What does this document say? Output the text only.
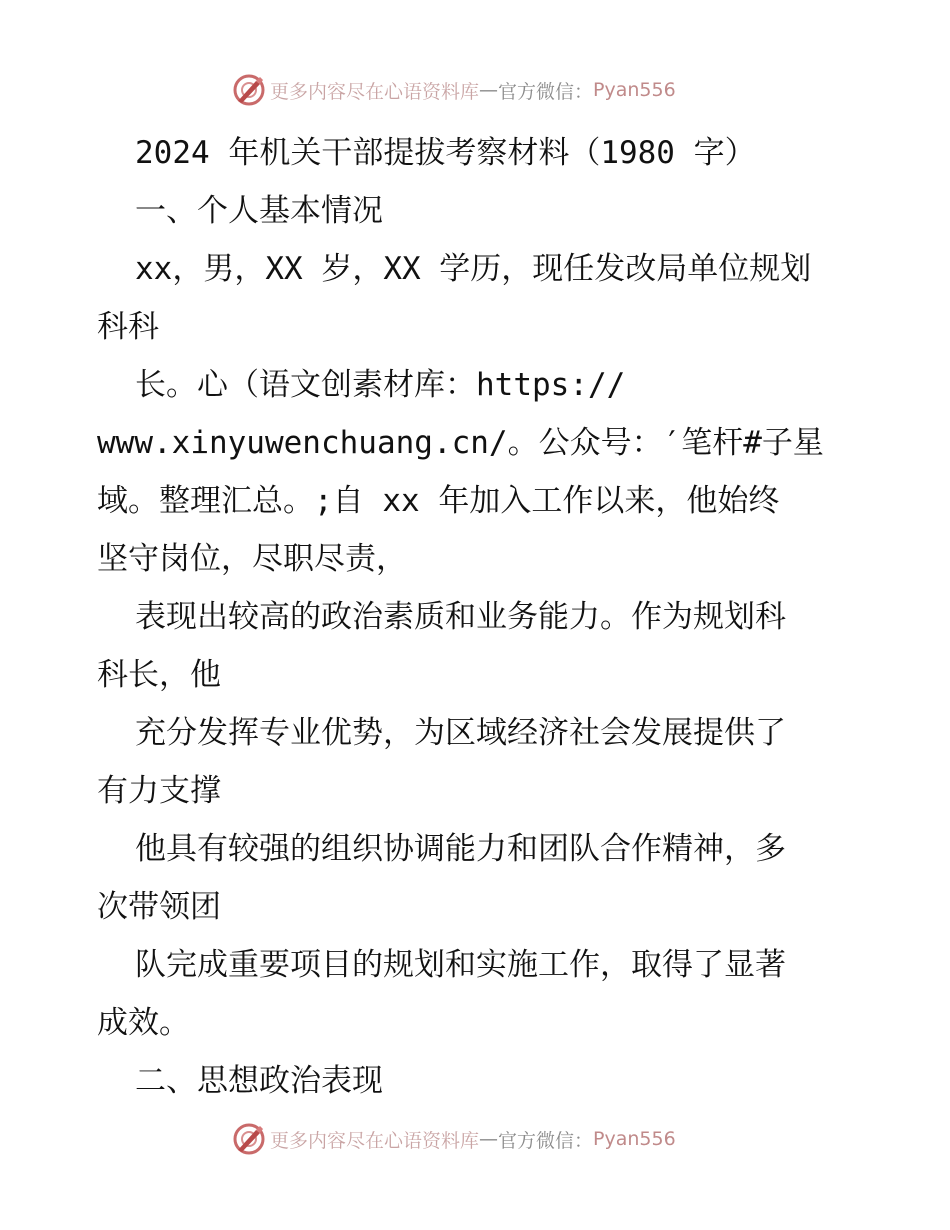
更多内容尽在心语资料库 — 官方微信： Pyan556
2024 年机关干部提拔考察材料（1980 字）
一、个人基本情况
xx，男，XX 岁，XX 学历，现任发改局单位规划
科科
长。心（语文创素材库：https://
www.xinyuwenchuang.cn/。公众号：′笔杆#子星
域。整理汇总。;自 xx 年加入工作以来，他始终
坚守岗位，尽职尽责，
表现出较高的政治素质和业务能力。作为规划科
科长，他
充分发挥专业优势，为区域经济社会发展提供了
有力支撑
他具有较强的组织协调能力和团队合作精神，多
次带领团
队完成重要项目的规划和实施工作，取得了显著
成效。
二、思想政治表现
更多内容尽在心语资料库 — 官方微信： Pyan556
